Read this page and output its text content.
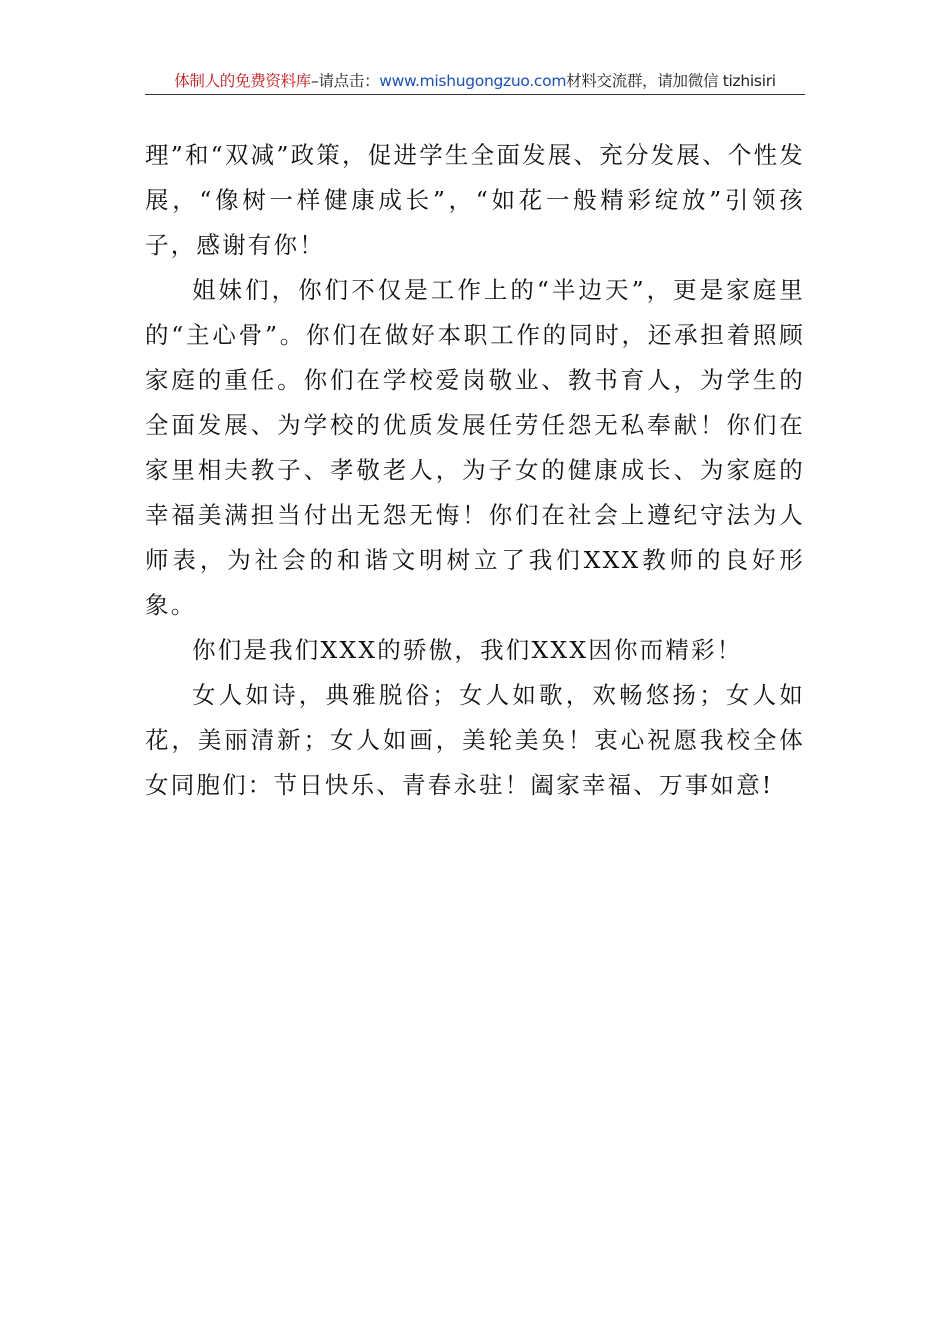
体制人的免费资料库–请点击：www.mishugongzuo.com材料交流群，请加微信 tizhisiri

理”和“双减”政策，促进学生全面发展、充分发展、个性发展，“像树一样健康成长”，“如花一般精彩绽放”引领孩子，感谢有你！

姐妹们，你们不仅是工作上的“半边天”，更是家庭里的“主心骨”。你们在做好本职工作的同时，还承担着照顾家庭的重任。你们在学校爱岗敬业、教书育人，为学生的全面发展、为学校的优质发展任劳任怨无私奉献！你们在家里相夫教子、孝敬老人，为子女的健康成长、为家庭的幸福美满担当付出无怨无悔！你们在社会上遵纪守法为人师表，为社会的和谐文明树立了我们XXX教师的良好形象。

你们是我们XXX的骄傲，我们XXX因你而精彩！

女人如诗，典雅脱俗；女人如歌，欢畅悠扬；女人如花，美丽清新；女人如画，美轮美奂！衷心祝愿我校全体女同胞们：节日快乐、青春永驻！阖家幸福、万事如意!
